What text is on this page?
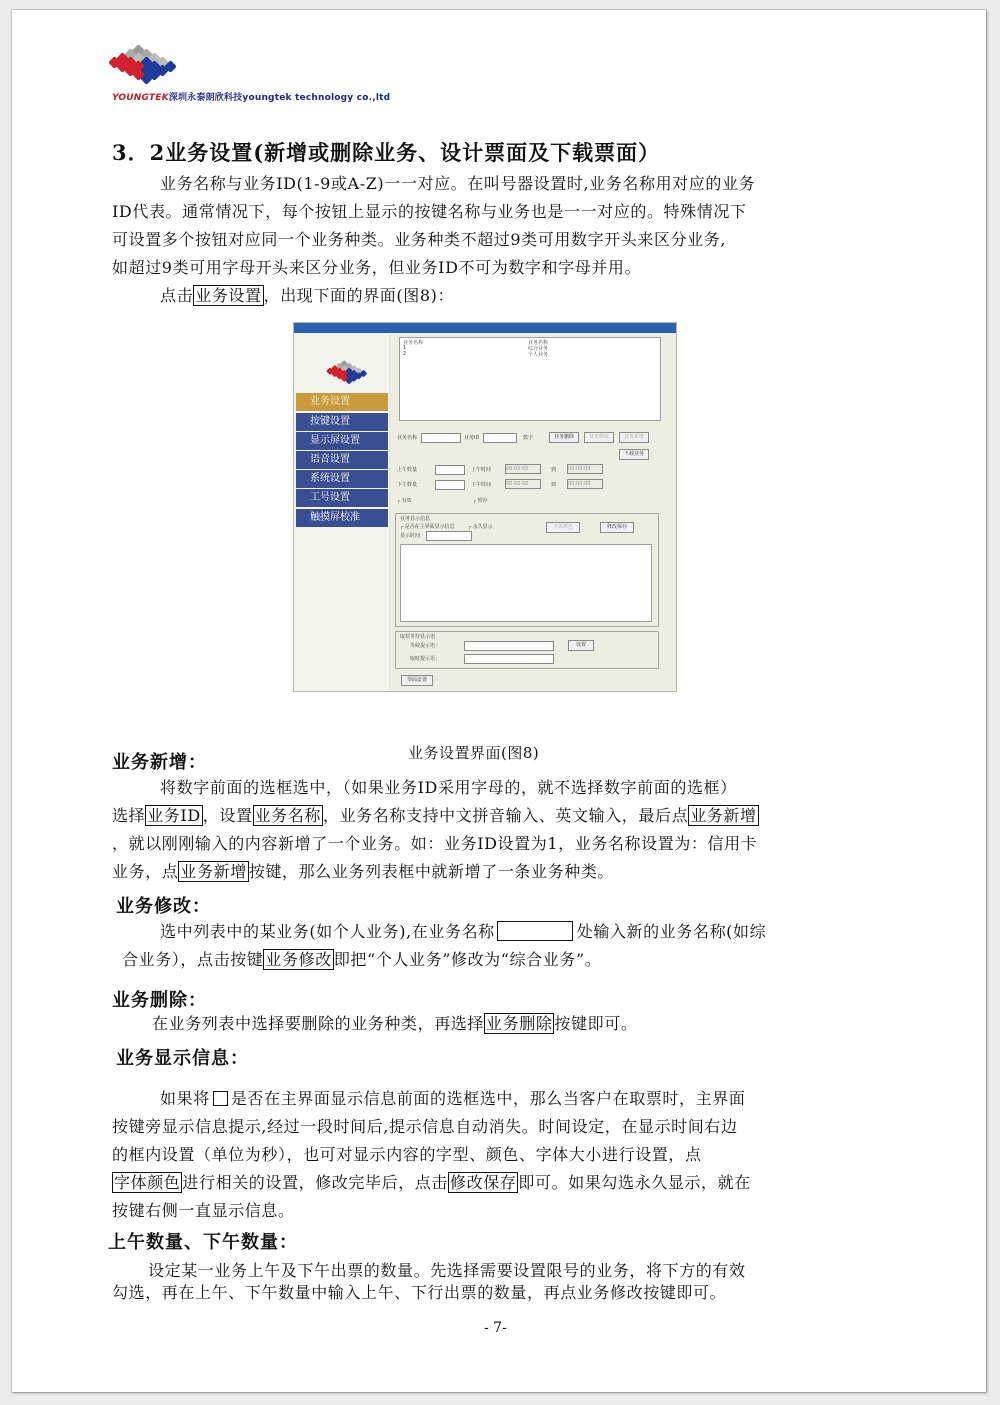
YOUNGTEK深圳永泰朗欣科技youngtek technology co.,ltd
3．2业务设置(新增或删除业务、设计票面及下载票面）
业务名称与业务ID(1-9或A-Z)一一对应。在叫号器设置时,业务名称用对应的业务
ID代表。通常情况下，每个按钮上显示的按键名称与业务也是一一对应的。特殊情况下
可设置多个按钮对应同一个业务种类。业务种类不超过9类可用数字开头来区分业务,
如超过9类可用字母开头来区分业务，但业务ID不可为数字和字母并用。
点击 业务设置 ，出现下面的界面(图8)：
业务设置
按键设置
显示屏设置
语音设置
系统设置
工号设置
触摸屏校准
业务名称
1
2
业务名称
综合业务
个人业务
业务名称	业务ID	数字	业务删除	业务修改	业务新增
下载业务
上午数量	上午时间	00:00:00	到 00:00:00
下午数量	下午时间	00:00:00	到 00:00:00
┌ 有效	┌ 暂停
业务显示信息
┌ 是否在主界面显示信息	┌ 永久显示
显示时间
字体颜色	修改保存
取票等待显示语
等候提示语：
取时提示语：
设置
票面设置
业务设置界面(图8)
业务新增：
将数字前面的选框选中，（如果业务ID采用字母的，就不选择数字前面的选框）
选择 业务ID ，设置 业务名称 ，业务名称支持中文拼音输入、英文输入，最后点 业务新增
，就以刚刚输入的内容新增了一个业务。如：业务ID设置为1，业务名称设置为：信用卡
业务，点 业务新增 按键，那么业务列表框中就新增了一条业务种类。
业务修改：
选中列表中的某业务(如个人业务),在业务名称	处输入新的业务名称(如综
合业务），点击按键 业务修改 即把“个人业务”修改为“综合业务”。
业务删除：
在业务列表中选择要删除的业务种类，再选择 业务删除 按键即可。
业务显示信息：
如果将 是否在主界面显示信息前面的选框选中，那么当客户在取票时，主界面
按键旁显示信息提示,经过一段时间后,提示信息自动消失。时间设定，在显示时间右边
的框内设置（单位为秒），也可对显示内容的字型、颜色、字体大小进行设置，点
字体颜色 进行相关的设置，修改完毕后，点击 修改保存 即可。如果勾选永久显示，就在
按键右侧一直显示信息。
上午数量、下午数量：
设定某一业务上午及下午出票的数量。先选择需要设置限号的业务，将下方的有效
勾选，再在上午、下午数量中输入上午、下行出票的数量，再点业务修改按键即可。
- 7-
